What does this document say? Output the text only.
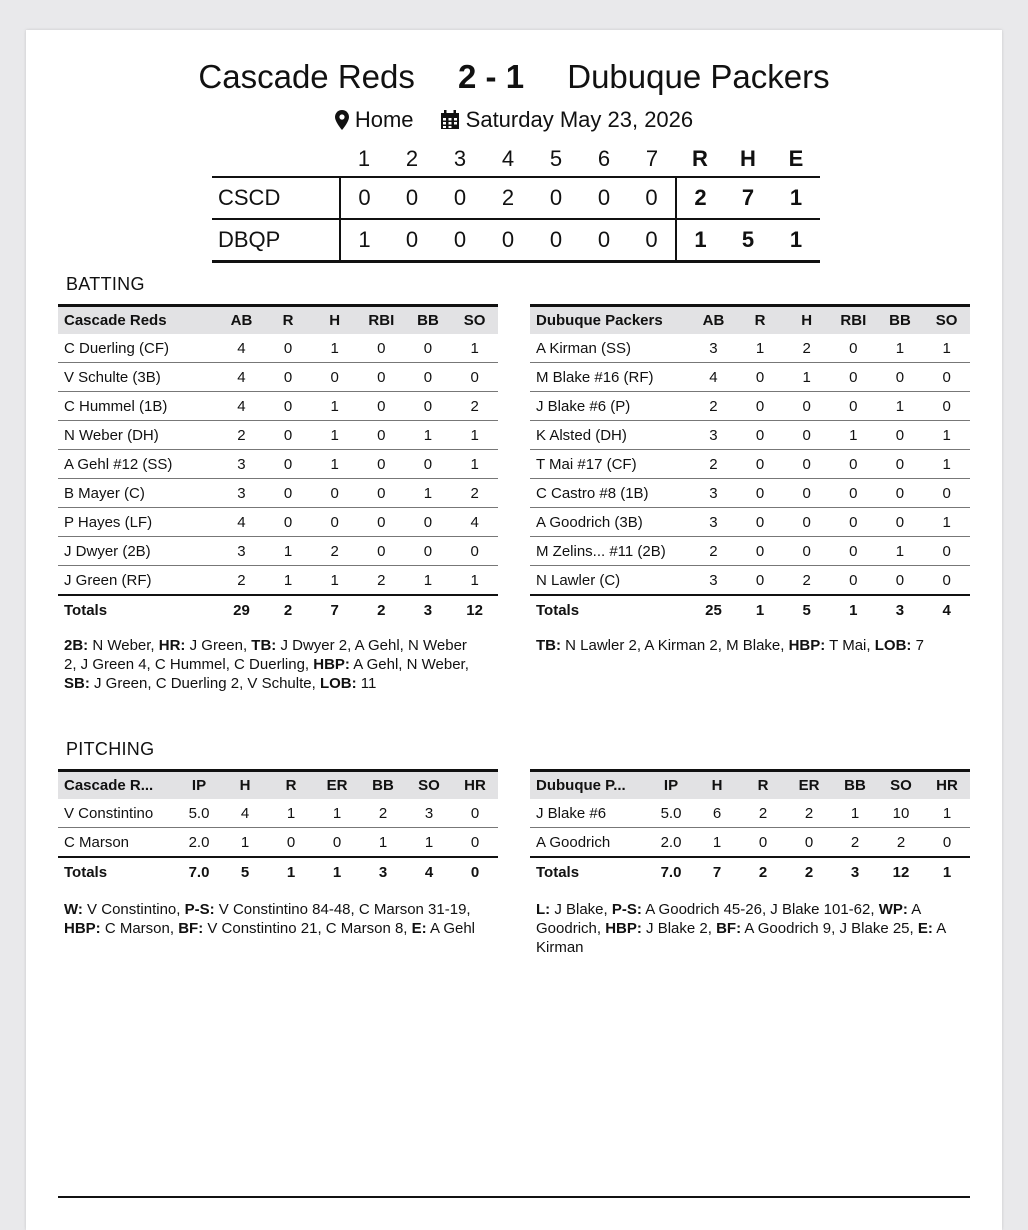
Cascade Reds 2 - 1 Dubuque Packers
Home Saturday May 23, 2026
	1	2	3	4	5	6	7	R	H	E
CSCD	0	0	0	2	0	0	0	2	7	1
DBQP	1	0	0	0	0	0	0	1	5	1
BATTING
Cascade Reds	AB	R	H	RBI	BB	SO
C Duerling (CF)	4	0	1	0	0	1
V Schulte (3B)	4	0	0	0	0	0
C Hummel (1B)	4	0	1	0	0	2
N Weber (DH)	2	0	1	0	1	1
A Gehl #12 (SS)	3	0	1	0	0	1
B Mayer (C)	3	0	0	0	1	2
P Hayes (LF)	4	0	0	0	0	4
J Dwyer (2B)	3	1	2	0	0	0
J Green (RF)	2	1	1	2	1	1
Totals	29	2	7	2	3	12
Dubuque Packers	AB	R	H	RBI	BB	SO
A Kirman (SS)	3	1	2	0	1	1
M Blake #16 (RF)	4	0	1	0	0	0
J Blake #6 (P)	2	0	0	0	1	0
K Alsted (DH)	3	0	0	1	0	1
T Mai #17 (CF)	2	0	0	0	0	1
C Castro #8 (1B)	3	0	0	0	0	0
A Goodrich (3B)	3	0	0	0	0	1
M Zelins... #11 (2B)	2	0	0	0	1	0
N Lawler (C)	3	0	2	0	0	0
Totals	25	1	5	1	3	4
2B: N Weber, HR: J Green, TB: J Dwyer 2, A Gehl, N Weber 2, J Green 4, C Hummel, C Duerling, HBP: A Gehl, N Weber, SB: J Green, C Duerling 2, V Schulte, LOB: 11
TB: N Lawler 2, A Kirman 2, M Blake, HBP: T Mai, LOB: 7
PITCHING
Cascade R...	IP	H	R	ER	BB	SO	HR
V Constintino	5.0	4	1	1	2	3	0
C Marson	2.0	1	0	0	1	1	0
Totals	7.0	5	1	1	3	4	0
Dubuque P...	IP	H	R	ER	BB	SO	HR
J Blake #6	5.0	6	2	2	1	10	1
A Goodrich	2.0	1	0	0	2	2	0
Totals	7.0	7	2	2	3	12	1
W: V Constintino, P-S: V Constintino 84-48, C Marson 31-19, HBP: C Marson, BF: V Constintino 21, C Marson 8, E: A Gehl
L: J Blake, P-S: A Goodrich 45-26, J Blake 101-62, WP: A Goodrich, HBP: J Blake 2, BF: A Goodrich 9, J Blake 25, E: A Kirman
